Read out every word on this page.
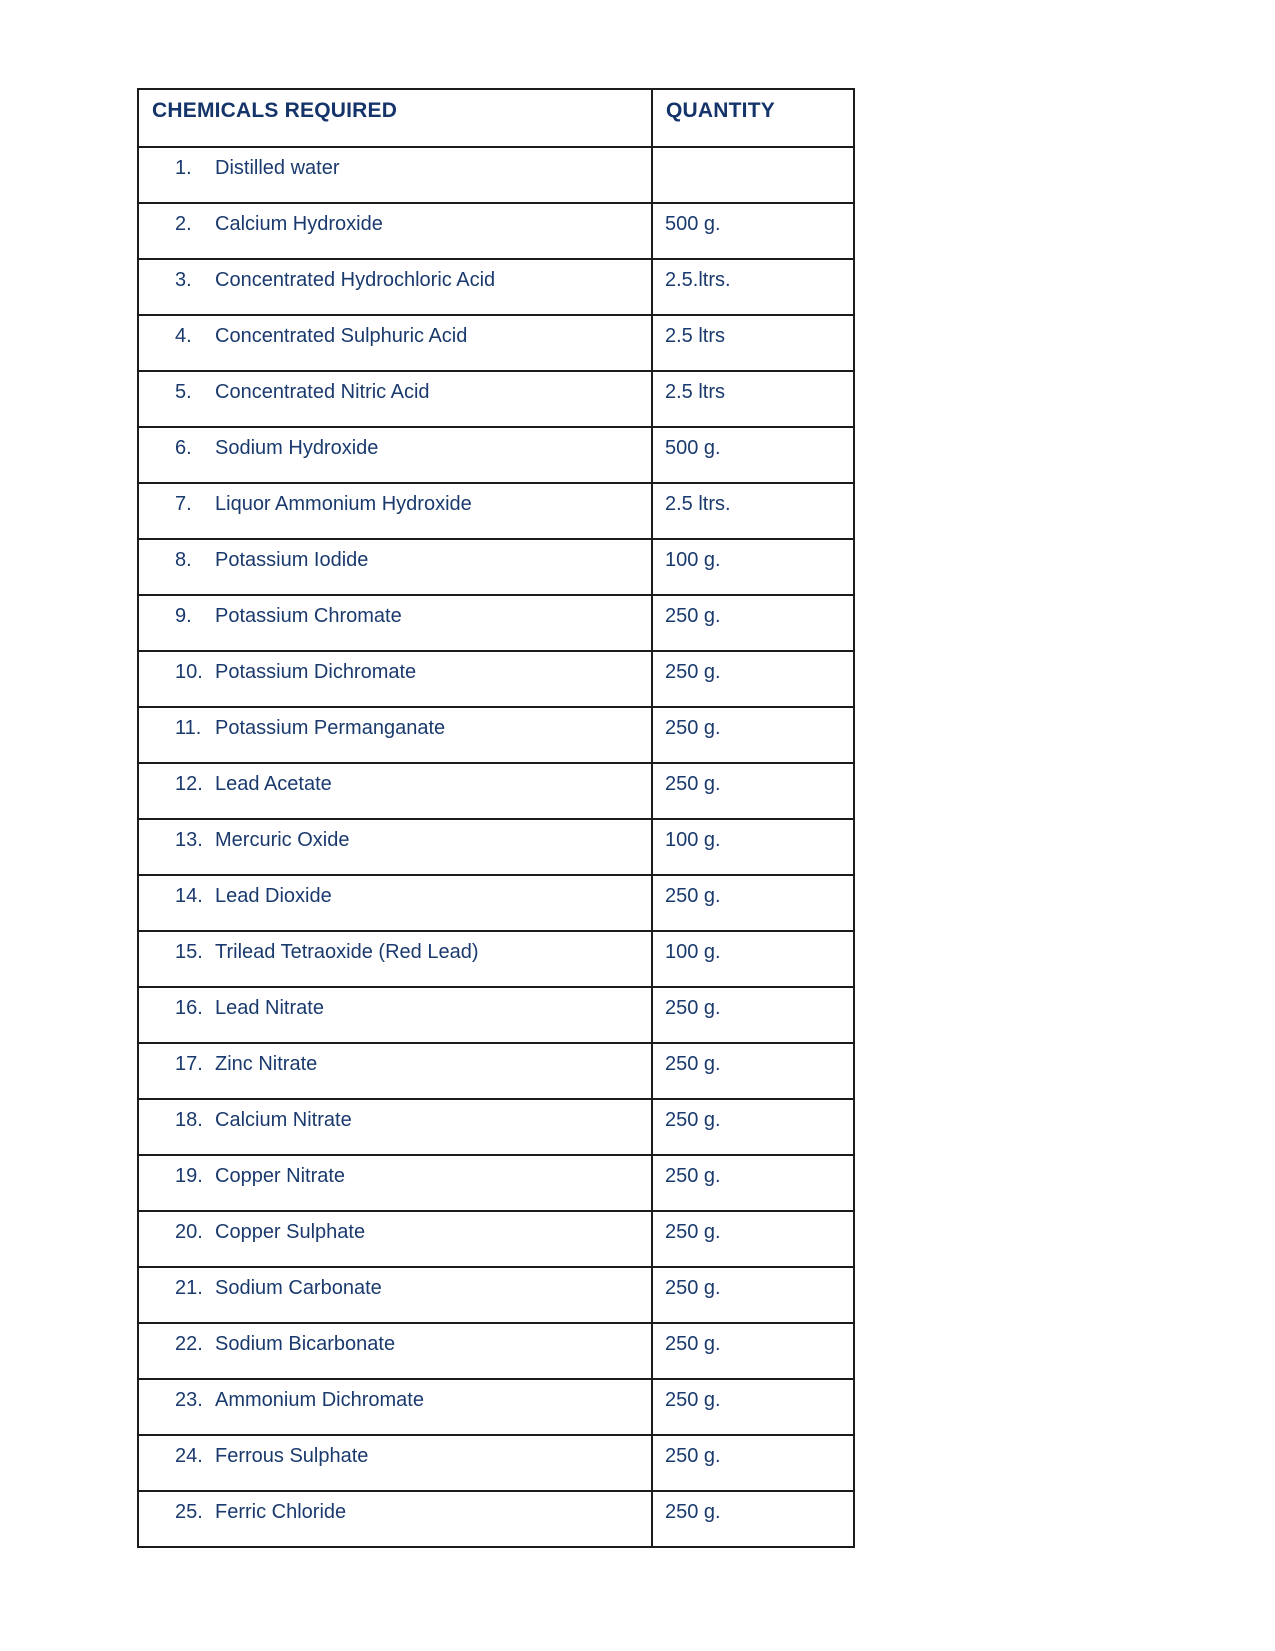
CHEMICALS REQUIRED	QUANTITY
1. Distilled water	
2. Calcium Hydroxide	500 g.
3. Concentrated Hydrochloric Acid	2.5.ltrs.
4. Concentrated Sulphuric Acid	2.5 ltrs
5. Concentrated Nitric Acid	2.5 ltrs
6. Sodium Hydroxide	500 g.
7. Liquor Ammonium Hydroxide	2.5 ltrs.
8. Potassium Iodide	100 g.
9. Potassium Chromate	250 g.
10. Potassium Dichromate	250 g.
11. Potassium Permanganate	250 g.
12. Lead Acetate	250 g.
13. Mercuric Oxide	100 g.
14. Lead Dioxide	250 g.
15. Trilead Tetraoxide (Red Lead)	100 g.
16. Lead Nitrate	250 g.
17. Zinc Nitrate	250 g.
18. Calcium Nitrate	250 g.
19. Copper Nitrate	250 g.
20. Copper Sulphate	250 g.
21. Sodium Carbonate	250 g.
22. Sodium Bicarbonate	250 g.
23. Ammonium Dichromate	250 g.
24. Ferrous Sulphate	250 g.
25. Ferric Chloride	250 g.
